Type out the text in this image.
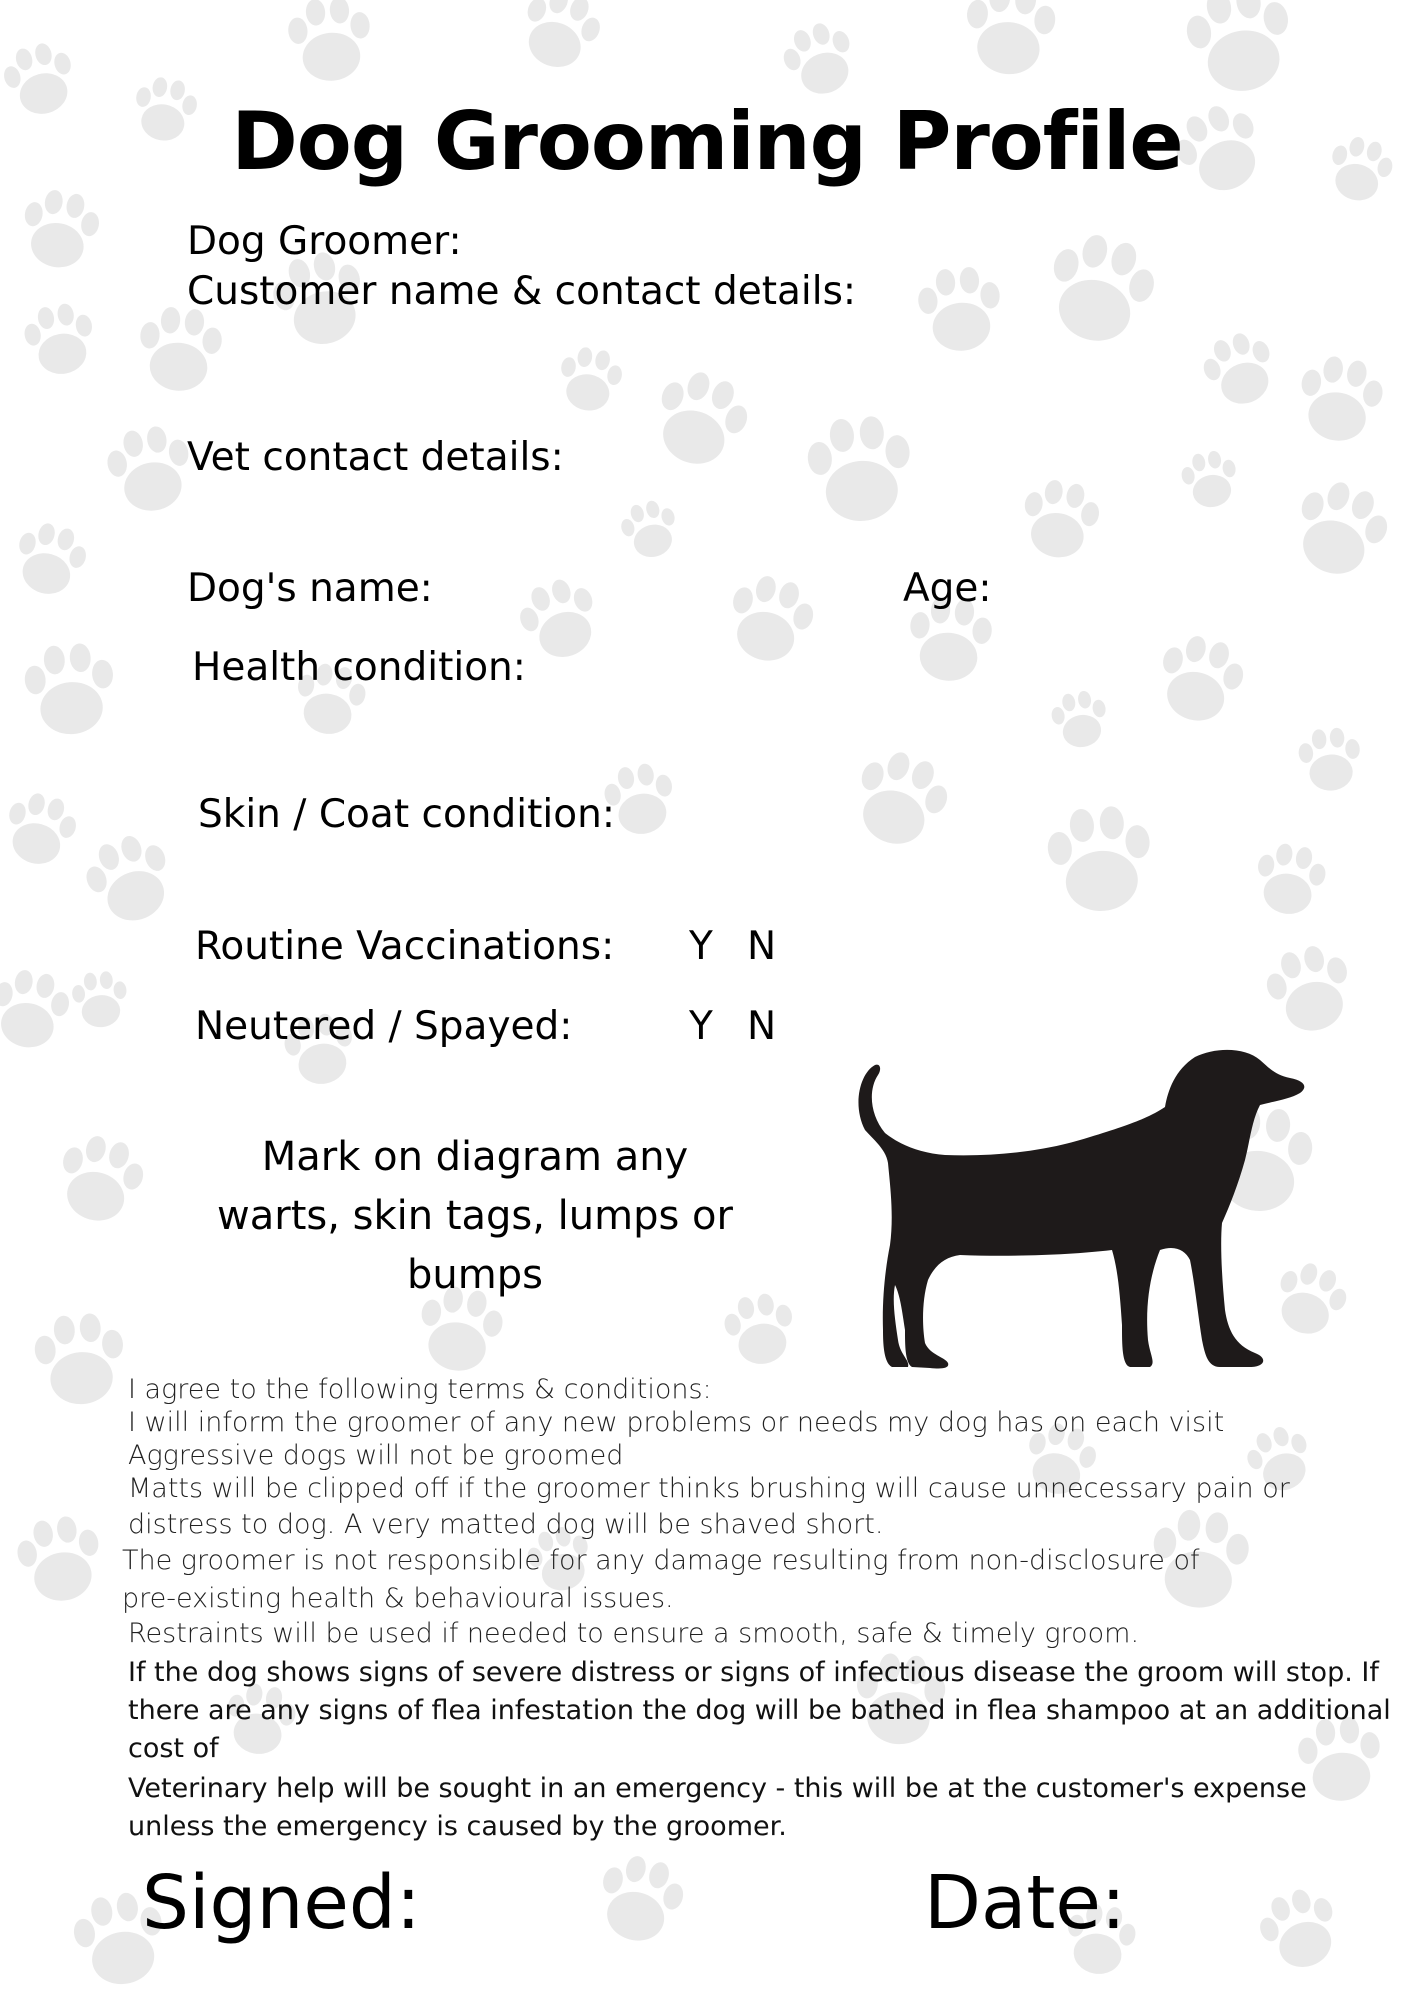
Dog Grooming Profile
Dog Groomer:
Customer name & contact details:
Vet contact details:
Dog's name:	Age:
Health condition:
Skin / Coat condition:
Routine Vaccinations: Y N
Neutered / Spayed:	Y N
Mark on diagram any
warts, skin tags, lumps or
bumps
I agree to the following terms & conditions:
I will inform the groomer of any new problems or needs my dog has on each visit
Aggressive dogs will not be groomed
Matts will be clipped off if the groomer thinks brushing will cause unnecessary pain or
distress to dog. A very matted dog will be shaved short.
The groomer is not responsible for any damage resulting from non-disclosure of
pre-existing health & behavioural issues.
Restraints will be used if needed to ensure a smooth, safe & timely groom.
If the dog shows signs of severe distress or signs of infectious disease the groom will stop. If
there are any signs of flea infestation the dog will be bathed in flea shampoo at an additional
cost of
Veterinary help will be sought in an emergency - this will be at the customer's expense
unless the emergency is caused by the groomer.
Signed:	Date:
